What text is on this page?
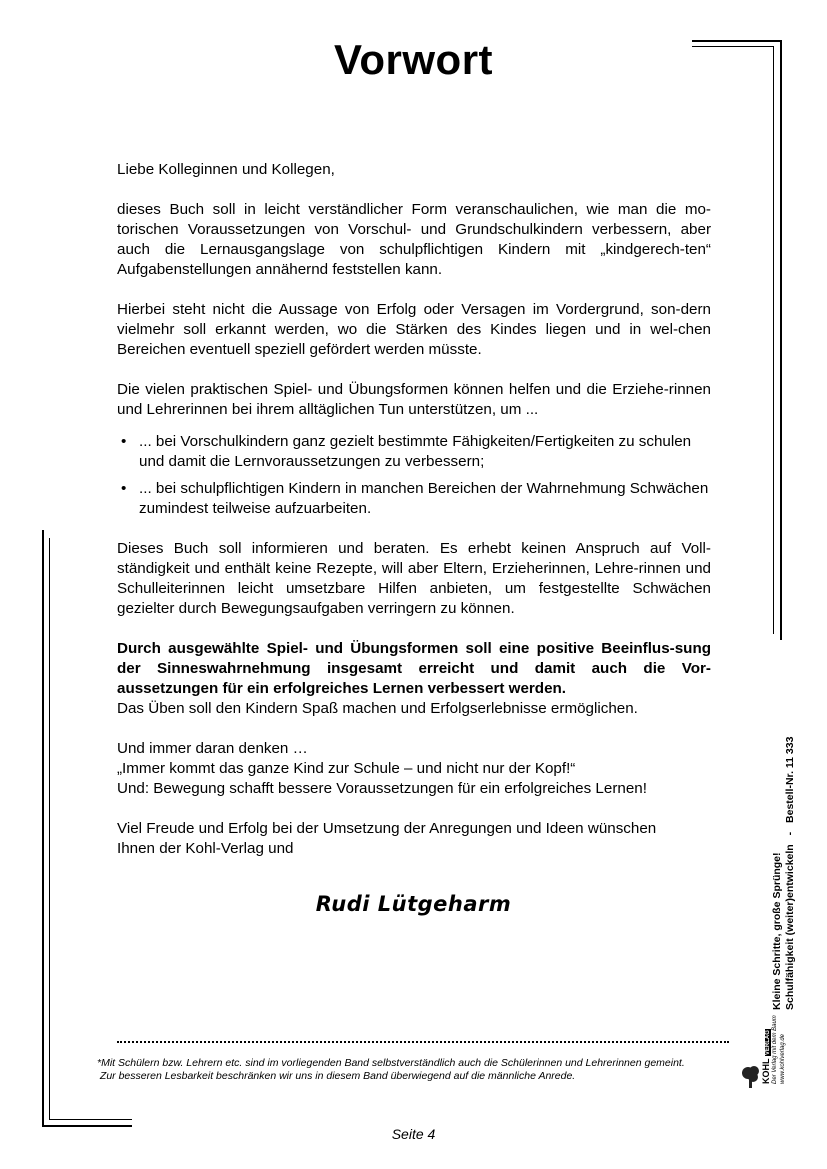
Vorwort

Liebe Kolleginnen und Kollegen,

dieses Buch soll in leicht verständlicher Form veranschaulichen, wie man die mo-torischen Voraussetzungen von Vorschul- und Grundschulkindern verbessern, aber auch die Lernausgangslage von schulpflichtigen Kindern mit „kindgerech-ten“ Aufgabenstellungen annähernd feststellen kann.

Hierbei steht nicht die Aussage von Erfolg oder Versagen im Vordergrund, son-dern vielmehr soll erkannt werden, wo die Stärken des Kindes liegen und in wel-chen Bereichen eventuell speziell gefördert werden müsste.

Die vielen praktischen Spiel- und Übungsformen können helfen und die Erziehe-rinnen und Lehrerinnen bei ihrem alltäglichen Tun unterstützen, um ...

• ... bei Vorschulkindern ganz gezielt bestimmte Fähigkeiten/Fertigkeiten zu schulen und damit die Lernvoraussetzungen zu verbessern;
• ... bei schulpflichtigen Kindern in manchen Bereichen der Wahrnehmung Schwächen zumindest teilweise aufzuarbeiten.

Dieses Buch soll informieren und beraten. Es erhebt keinen Anspruch auf Voll-ständigkeit und enthält keine Rezepte, will aber Eltern, Erzieherinnen, Lehre-rinnen und Schulleiterinnen leicht umsetzbare Hilfen anbieten, um festgestellte Schwächen gezielter durch Bewegungsaufgaben verringern zu können.

Durch ausgewählte Spiel- und Übungsformen soll eine positive Beeinflus-sung der Sinneswahrnehmung insgesamt erreicht und damit auch die Vor-aussetzungen für ein erfolgreiches Lernen verbessert werden.

Das Üben soll den Kindern Spaß machen und Erfolgserlebnisse ermöglichen.

Und immer daran denken …

„Immer kommt das ganze Kind zur Schule – und nicht nur der Kopf!“

Und: Bewegung schafft bessere Voraussetzungen für ein erfolgreiches Lernen!

Viel Freude und Erfolg bei der Umsetzung der Anregungen und Ideen wünschen

Ihnen der Kohl-Verlag und

Rudi Lütgeharm
*Mit Schülern bzw. Lehrern etc. sind im vorliegenden Band selbstverständlich auch die Schülerinnen und Lehrerinnen gemeint.
Zur besseren Lesbarkeit beschränken wir uns in diesem Band überwiegend auf die männliche Anrede.
Seite 4
Kleine Schritte, große Sprünge! Schulfähigkeit (weiter)entwickeln - Bestell-Nr. 11 333
KOHL VERLAG Der Verlag mit dem Baum www.kohlverlag.de
